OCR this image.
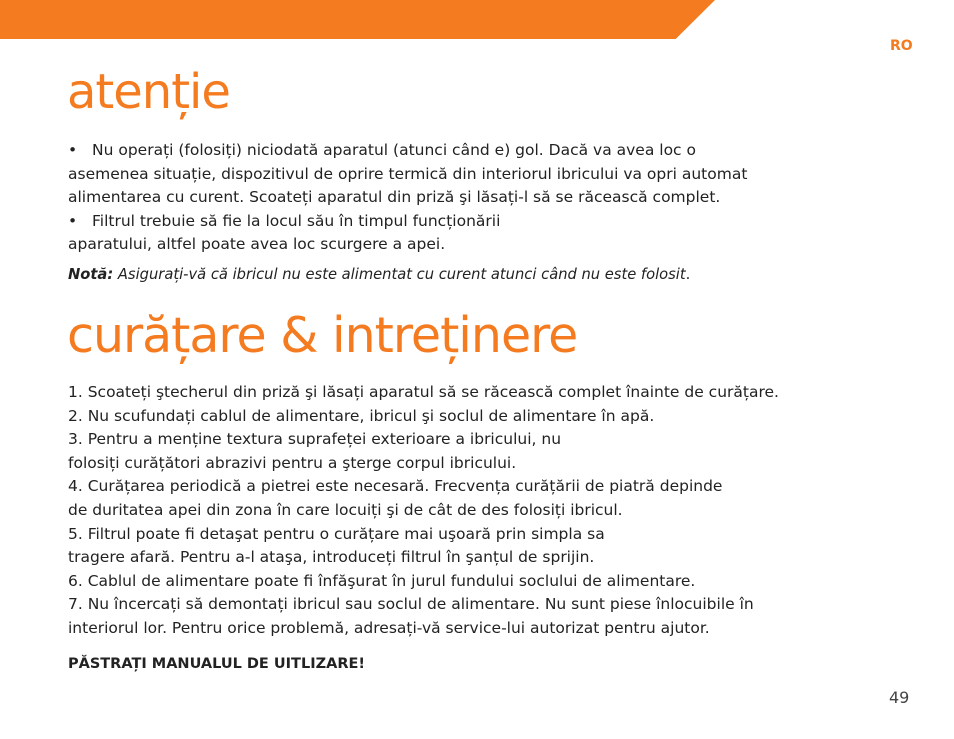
RO
atenție
• Nu operați (folosiți) niciodată aparatul (atunci când e) gol. Dacă va avea loc o
asemenea situație, dispozitivul de oprire termică din interiorul ibricului va opri automat
alimentarea cu curent. Scoateți aparatul din priză şi lăsați-l să se răcească complet.
• Filtrul trebuie să fie la locul său în timpul funcționării
aparatului, altfel poate avea loc scurgere a apei.
Notă: Asigurați-vă că ibricul nu este alimentat cu curent atunci când nu este folosit.
curățare & intreținere
1. Scoateți ştecherul din priză şi lăsați aparatul să se răcească complet înainte de curățare.
2. Nu scufundați cablul de alimentare, ibricul şi soclul de alimentare în apă.
3. Pentru a menține textura suprafeței exterioare a ibricului, nu
folosiți curățători abrazivi pentru a şterge corpul ibricului.
4. Curățarea periodică a pietrei este necesară. Frecvența curățării de piatră depinde
de duritatea apei din zona în care locuiți şi de cât de des folosiți ibricul.
5. Filtrul poate fi detaşat pentru o curățare mai uşoară prin simpla sa
tragere afară. Pentru a-l ataşa, introduceți filtrul în şanțul de sprijin.
6. Cablul de alimentare poate fi înfăşurat în jurul fundului soclului de alimentare.
7. Nu încercați să demontați ibricul sau soclul de alimentare. Nu sunt piese înlocuibile în
interiorul lor. Pentru orice problemă, adresați-vă service-lui autorizat pentru ajutor.
PĂSTRAȚI MANUALUL DE UITLIZARE!
49
